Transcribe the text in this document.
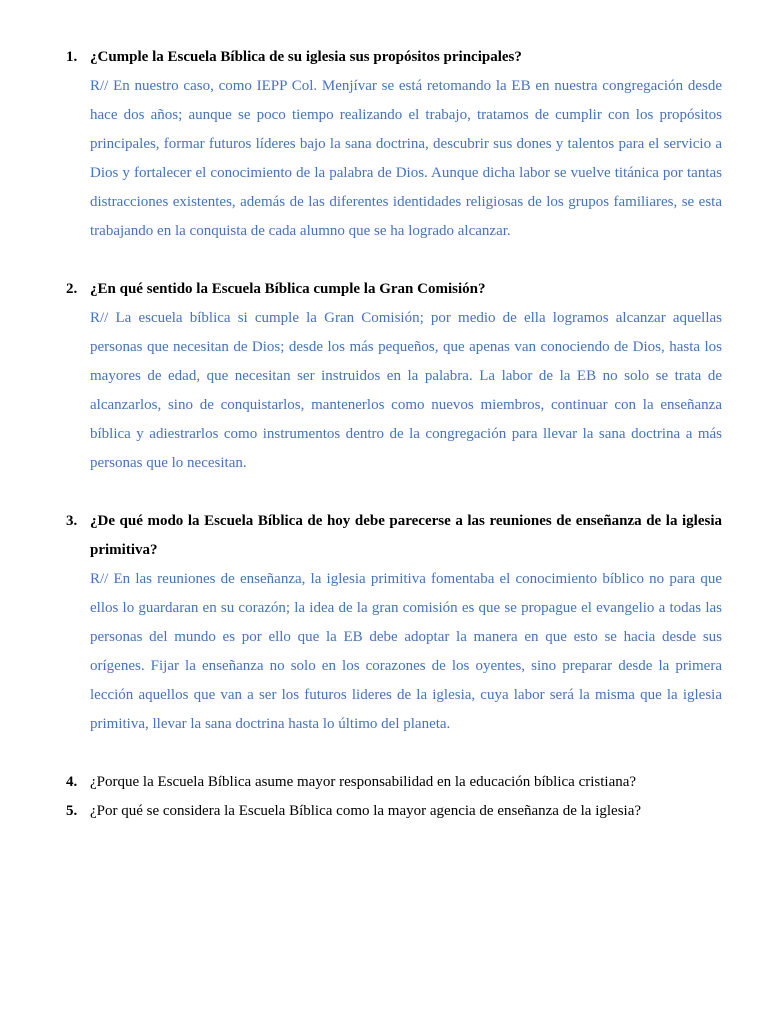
1. ¿Cumple la Escuela Bíblica de su iglesia sus propósitos principales?
R// En nuestro caso, como IEPP Col. Menjívar se está retomando la EB en nuestra congregación desde hace dos años; aunque se poco tiempo realizando el trabajo, tratamos de cumplir con los propósitos principales, formar futuros líderes bajo la sana doctrina, descubrir sus dones y talentos para el servicio a Dios y fortalecer el conocimiento de la palabra de Dios. Aunque dicha labor se vuelve titánica por tantas distracciones existentes, además de las diferentes identidades religiosas de los grupos familiares, se esta trabajando en la conquista de cada alumno que se ha logrado alcanzar.
2. ¿En qué sentido la Escuela Bíblica cumple la Gran Comisión?
R// La escuela bíblica si cumple la Gran Comisión; por medio de ella logramos alcanzar aquellas personas que necesitan de Dios; desde los más pequeños, que apenas van conociendo de Dios, hasta los mayores de edad, que necesitan ser instruidos en la palabra. La labor de la EB no solo se trata de alcanzarlos, sino de conquistarlos, mantenerlos como nuevos miembros, continuar con la enseñanza bíblica y adiestrarlos como instrumentos dentro de la congregación para llevar la sana doctrina a más personas que lo necesitan.
3. ¿De qué modo la Escuela Bíblica de hoy debe parecerse a las reuniones de enseñanza de la iglesia primitiva?
R// En las reuniones de enseñanza, la iglesia primitiva fomentaba el conocimiento bíblico no para que ellos lo guardaran en su corazón; la idea de la gran comisión es que se propague el evangelio a todas las personas del mundo es por ello que la EB debe adoptar la manera en que esto se hacia desde sus orígenes. Fijar la enseñanza no solo en los corazones de los oyentes, sino preparar desde la primera lección aquellos que van a ser los futuros lideres de la iglesia, cuya labor será la misma que la iglesia primitiva, llevar la sana doctrina hasta lo último del planeta.
4. ¿Porque la Escuela Bíblica asume mayor responsabilidad en la educación bíblica cristiana?
5. ¿Por qué se considera la Escuela Bíblica como la mayor agencia de enseñanza de la iglesia?
